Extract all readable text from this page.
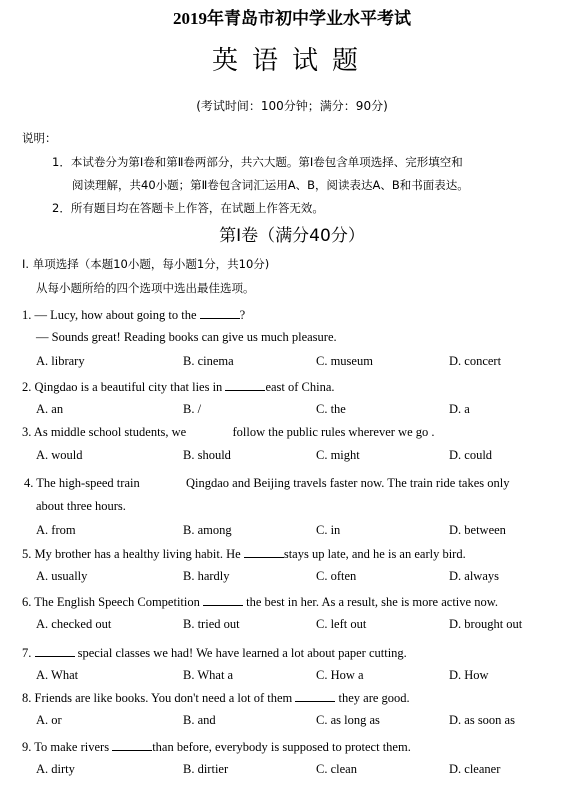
2019年青岛市初中学业水平考试
英语试题
(考试时间：100分钟；满分：90分)
说明：
1．本试卷分为第Ⅰ卷和第Ⅱ卷两部分，共六大题。第Ⅰ卷包含单项选择、完形填空和
阅读理解，共40小题；第Ⅱ卷包含词汇运用A、B，阅读表达A、B和书面表达。
2．所有题目均在答题卡上作答，在试题上作答无效。
第Ⅰ卷（满分40分）
I. 单项选择（本题10小题，每小题1分，共10分)
从每小题所给的四个选项中选出最佳选项。
1. — Lucy, how about going to the	?
— Sounds great! Reading books can give us much pleasure.
A. library	B. cinema	C. museum	D. concert
2. Qingdao is a beautiful city that lies in	east of China.
A. an	B. /	C. the	D. a
3. As middle school students, we	follow the public rules wherever we go .
A. would	B. should	C. might	D. could
4. The high-speed train	Qingdao and Beijing travels faster now. The train ride takes only
about three hours.
A. from	B. among	C. in	D. between
5. My brother has a healthy living habit. He	stays up late, and he is an early bird.
A. usually	B. hardly	C. often	D. always
6. The English Speech Competition	the best in her. As a result, she is more active now.
A. checked out	B. tried out	C. left out	D. brought out
7.	special classes we had! We have learned a lot about paper cutting.
A. What	B. What a	C. How a	D. How
8. Friends are like books. You don't need a lot of them	they are good.
A. or	B. and	C. as long as	D. as soon as
9. To make rivers	than before, everybody is supposed to protect them.
A. dirty	B. dirtier	C. clean	D. cleaner
